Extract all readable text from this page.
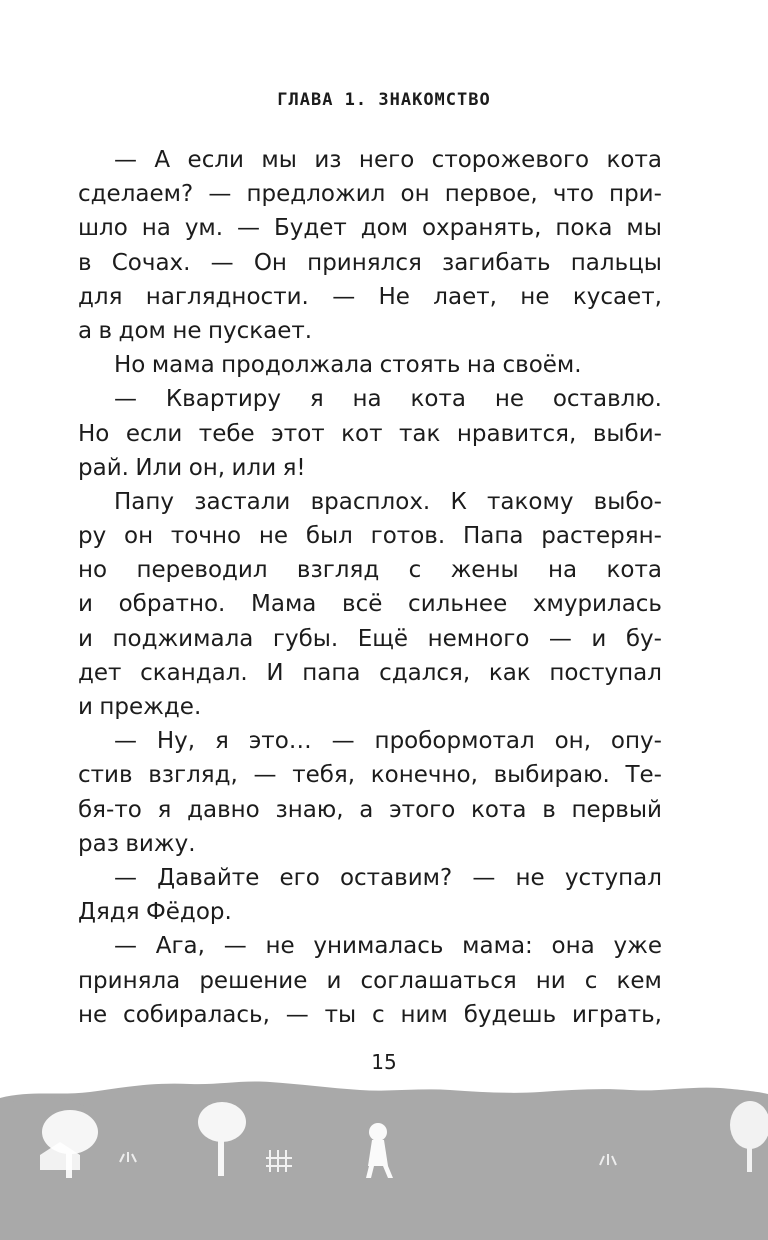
ГЛАВА 1. ЗНАКОМСТВО
— А если мы из него сторожевого кота
сделаем? — предложил он первое, что при-
шло на ум. — Будет дом охранять, пока мы
в Сочах. — Он принялся загибать пальцы
для наглядности. — Не лает, не кусает,
а в дом не пускает.
Но мама продолжала стоять на своём.
— Квартиру я на кота не оставлю.
Но если тебе этот кот так нравится, выби-
рай. Или он, или я!
Папу застали врасплох. К такому выбо-
ру он точно не был готов. Папа растерян-
но переводил взгляд с жены на кота
и обратно. Мама всё сильнее хмурилась
и поджимала губы. Ещё немного — и бу-
дет скандал. И папа сдался, как поступал
и прежде.
— Ну, я это… — пробормотал он, опу-
стив взгляд, — тебя, конечно, выбираю. Те-
бя-то я давно знаю, а этого кота в первый
раз вижу.
— Давайте его оставим? — не уступал
Дядя Фёдор.
— Ага, — не унималась мама: она уже
приняла решение и соглашаться ни с кем
не собиралась, — ты с ним будешь играть,
15
